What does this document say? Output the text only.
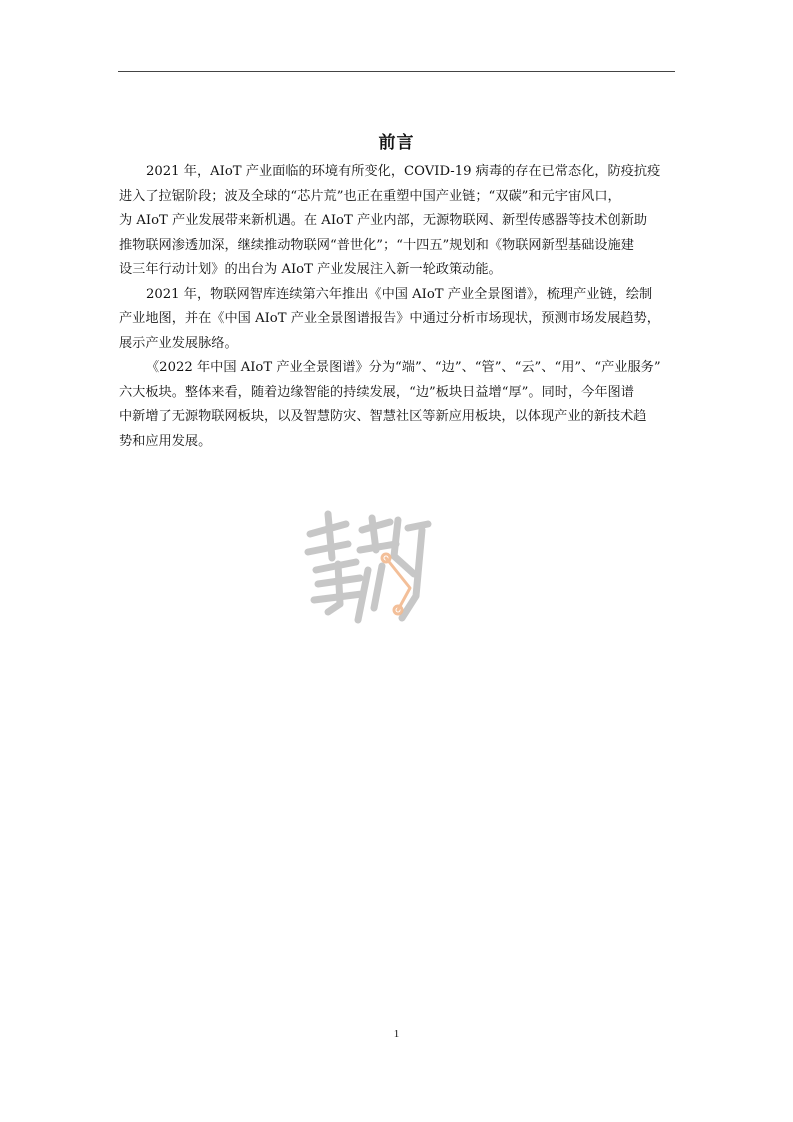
前言

2021 年，AIoT 产业面临的环境有所变化，COVID-19 病毒的存在已常态化，防疫抗疫
进入了拉锯阶段；波及全球的“芯片荒”也正在重塑中国产业链；“双碳”和元宇宙风口，
为 AIoT 产业发展带来新机遇。在 AIoT 产业内部，无源物联网、新型传感器等技术创新助
推物联网渗透加深，继续推动物联网“普世化”；“十四五”规划和《物联网新型基础设施建
设三年行动计划》的出台为 AIoT 产业发展注入新一轮政策动能。

2021 年，物联网智库连续第六年推出《中国 AIoT 产业全景图谱》，梳理产业链，绘制
产业地图，并在《中国 AIoT 产业全景图谱报告》中通过分析市场现状，预测市场发展趋势，
展示产业发展脉络。

《2022 年中国 AIoT 产业全景图谱》分为“端”、“边”、“管”、“云”、“用”、“产业服务”
六大板块。整体来看，随着边缘智能的持续发展，“边”板块日益增“厚”。同时，今年图谱
中新增了无源物联网板块，以及智慧防灾、智慧社区等新应用板块，以体现产业的新技术趋
势和应用发展。

1
